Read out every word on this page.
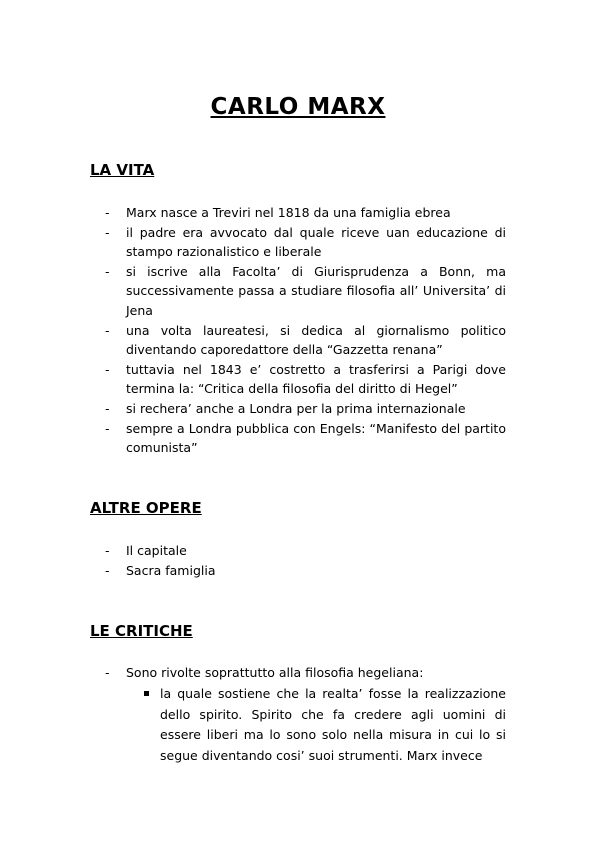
CARLO MARX
LA VITA
- Marx nasce a Treviri nel 1818 da una famiglia ebrea
- il padre era avvocato dal quale riceve uan educazione di stampo razionalistico e liberale
- si iscrive alla Facolta’ di Giurisprudenza a Bonn, ma successivamente passa a studiare filosofia all’ Universita’ di Jena
- una volta laureatesi, si dedica al giornalismo politico diventando caporedattore della “Gazzetta renana”
- tuttavia nel 1843 e’ costretto a trasferirsi a Parigi dove termina la: “Critica della filosofia del diritto di Hegel”
- si rechera’ anche a Londra per la prima internazionale
- sempre a Londra pubblica con Engels: “Manifesto del partito comunista”
ALTRE OPERE
- Il capitale
- Sacra famiglia
LE CRITICHE
- Sono rivolte soprattutto alla filosofia hegeliana:
la quale sostiene che la realta’ fosse la realizzazione dello spirito. Spirito che fa credere agli uomini di essere liberi ma lo sono solo nella misura in cui lo si segue diventando cosi’ suoi strumenti. Marx invece
